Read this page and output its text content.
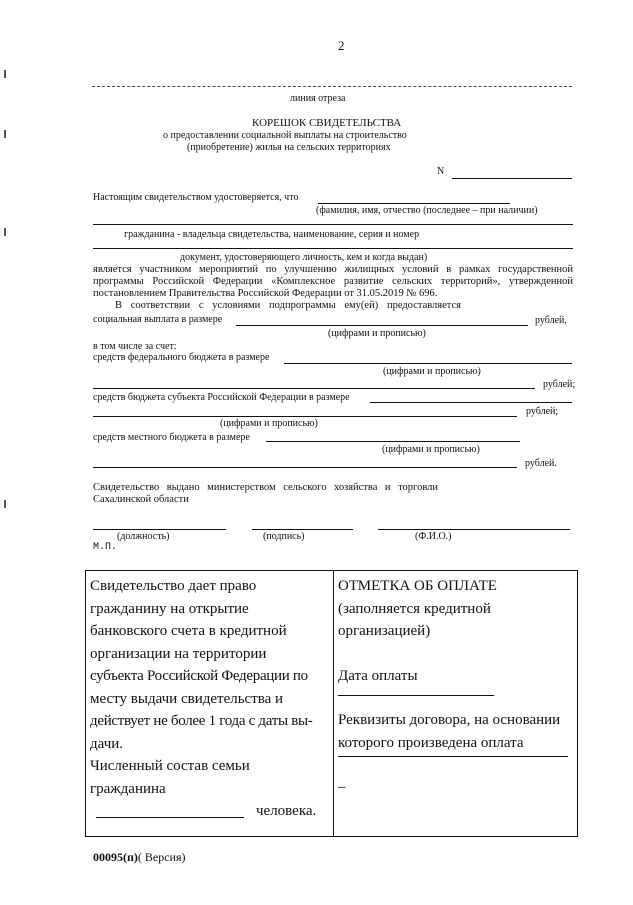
2
линия отреза
КОРЕШОК СВИДЕТЕЛЬСТВА
о предоставлении социальной выплаты на строительство
(приобретение) жилья на сельских территориях
N
Настоящим свидетельством удостоверяется, что
(фамилия, имя, отчество (последнее – при наличии)
гражданина - владельца свидетельства, наименование, серия и номер
документ, удостоверяющего личность, кем и когда выдан)
является участником мероприятий по улучшению жилищных условий в рамках государственной
программы Российской Федерации «Комплексное развитие сельских территорий», утвержденной
постановлением Правительства Российской Федерации от 31.05.2019 № 696.
В соответствии с условиями подпрограммы ему(ей) предоставляется
социальная выплата в размере	рублей,
(цифрами и прописью)
в том числе за счет:
средств федерального бюджета в размере
(цифрами и прописью)
рублей;
средств бюджета субъекта Российской Федерации в размере
рублей;
(цифрами и прописью)
средств местного бюджета в размере
(цифрами и прописью)
рублей.
Свидетельство выдано министерством сельского хозяйства и торговли
Сахалинской области
(должность)	(подпись)	(Ф.И.О.)
М.П.
Свидетельство дает право
гражданину на открытие
банковского счета в кредитной
организации на территории
субъекта Российской Федерации по
месту выдачи свидетельства и
действует не более 1 года с даты вы-
дачи.
Численный состав семьи
гражданина
человека.
ОТМЕТКА ОБ ОПЛАТЕ
(заполняется кредитной
организацией)
Дата оплаты
Реквизиты договора, на основании
которого произведена оплата
–
00095(п)( Версия)
